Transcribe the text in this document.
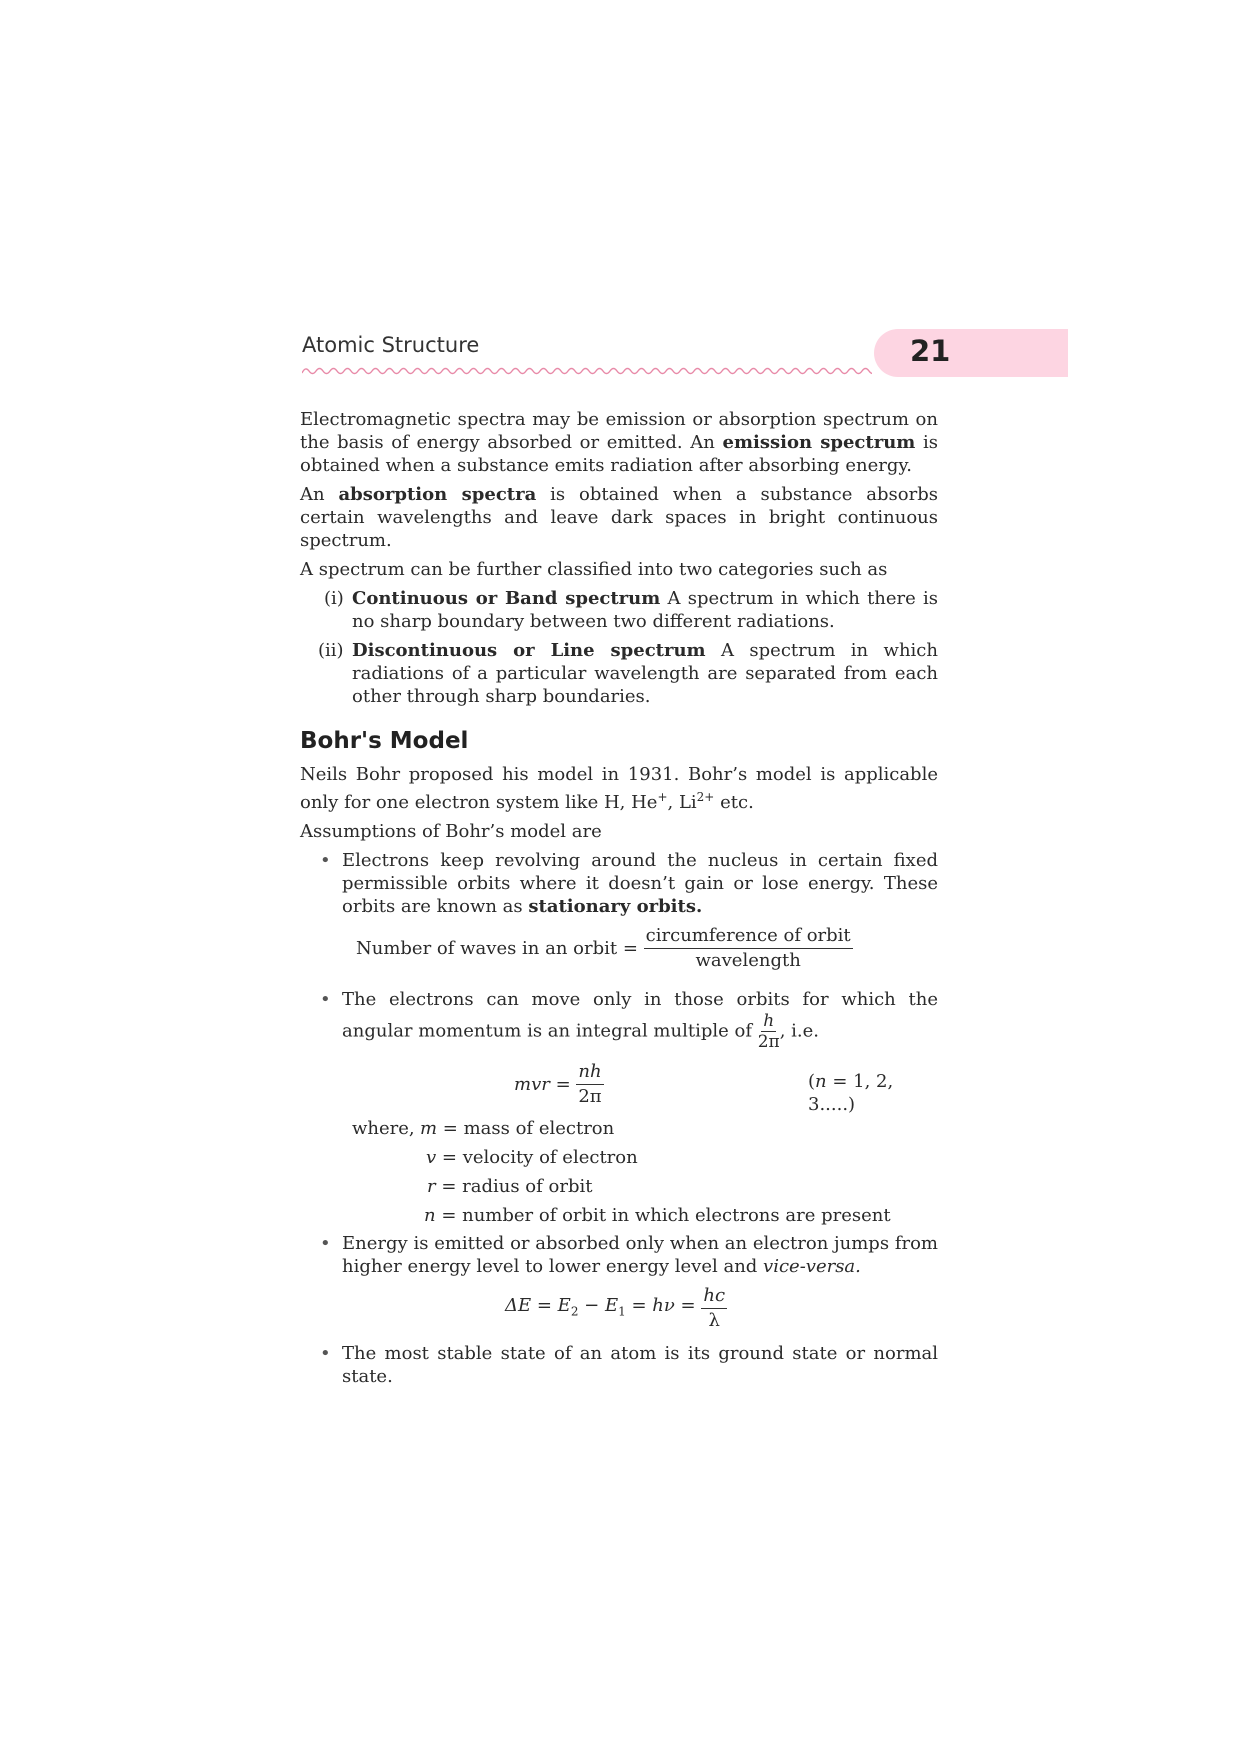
Atomic Structure	21

Electromagnetic spectra may be emission or absorption spectrum on the basis of energy absorbed or emitted. An emission spectrum is obtained when a substance emits radiation after absorbing energy.

An absorption spectra is obtained when a substance absorbs certain wavelengths and leave dark spaces in bright continuous spectrum.

A spectrum can be further classified into two categories such as

(i) Continuous or Band spectrum A spectrum in which there is no sharp boundary between two different radiations.
(ii) Discontinuous or Line spectrum A spectrum in which radiations of a particular wavelength are separated from each other through sharp boundaries.
Bohr's Model

Neils Bohr proposed his model in 1931. Bohr’s model is applicable only for one electron system like H, He+, $Li^{2+}$ etc.

Assumptions of Bohr’s model are

• Electrons keep revolving around the nucleus in certain fixed permissible orbits where it doesn’t gain or lose energy. These orbits are known as stationary orbits.
Number of waves in an orbit = $\frac{\text{circumference of orbit}}{\text{wavelength}}$
• The electrons can move only in those orbits for which the angular momentum is an integral multiple of $\frac{h}{2\pi}$ , i.e.
mvr = $\frac{nh}{2\pi}$	(n = 1, 2, 3.....)
where, m = mass of electron
v = velocity of electron
r = radius of orbit
n = number of orbit in which electrons are present
• Energy is emitted or absorbed only when an electron jumps from higher energy level to lower energy level and vice-versa.
$\Delta E = E_2 - E_1 = h\nu = \frac{hc}{\lambda}$
• The most stable state of an atom is its ground state or normal state.
